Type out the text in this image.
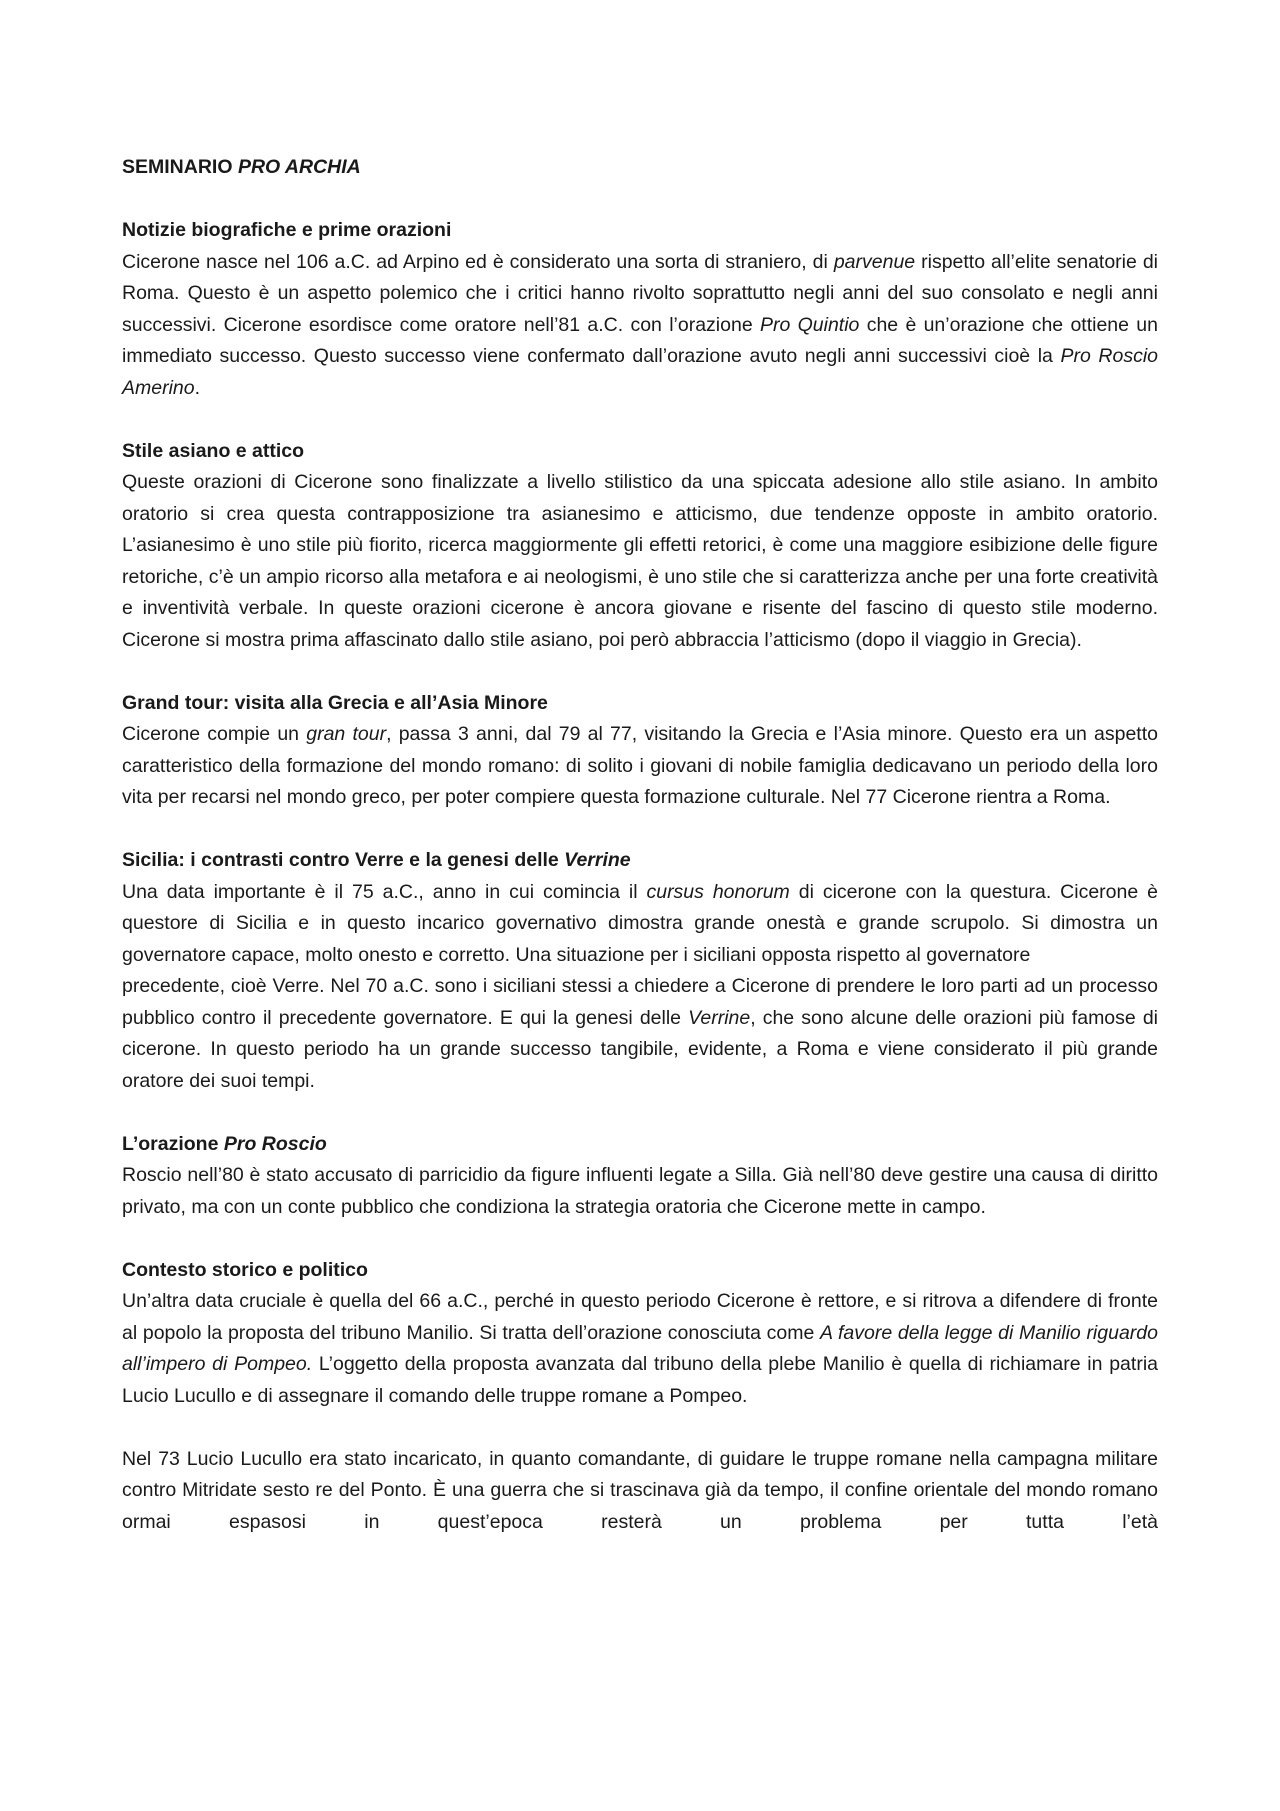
SEMINARIO PRO ARCHIA

Notizie biografiche e prime orazioni

Cicerone nasce nel 106 a.C. ad Arpino ed è considerato una sorta di straniero, di parvenue rispetto all’elite senatorie di Roma. Questo è un aspetto polemico che i critici hanno rivolto soprattutto negli anni del suo consolato e negli anni successivi. Cicerone esordisce come oratore nell’81 a.C. con l’orazione Pro Quintio che è un’orazione che ottiene un immediato successo. Questo successo viene confermato dall’orazione avuto negli anni successivi cioè la Pro Roscio Amerino.

Stile asiano e attico

Queste orazioni di Cicerone sono finalizzate a livello stilistico da una spiccata adesione allo stile asiano. In ambito oratorio si crea questa contrapposizione tra asianesimo e atticismo, due tendenze opposte in ambito oratorio. L’asianesimo è uno stile più fiorito, ricerca maggiormente gli effetti retorici, è come una maggiore esibizione delle figure retoriche, c’è un ampio ricorso alla metafora e ai neologismi, è uno stile che si caratterizza anche per una forte creatività e inventività verbale. In queste orazioni cicerone è ancora giovane e risente del fascino di questo stile moderno. Cicerone si mostra prima affascinato dallo stile asiano, poi però abbraccia l’atticismo (dopo il viaggio in Grecia).

Grand tour: visita alla Grecia e all’Asia Minore

Cicerone compie un gran tour, passa 3 anni, dal 79 al 77, visitando la Grecia e l’Asia minore. Questo era un aspetto caratteristico della formazione del mondo romano: di solito i giovani di nobile famiglia dedicavano un periodo della loro vita per recarsi nel mondo greco, per poter compiere questa formazione culturale. Nel 77 Cicerone rientra a Roma.

Sicilia: i contrasti contro Verre e la genesi delle Verrine

Una data importante è il 75 a.C., anno in cui comincia il cursus honorum di cicerone con la questura. Cicerone è questore di Sicilia e in questo incarico governativo dimostra grande onestà e grande scrupolo. Si dimostra un governatore capace, molto onesto e corretto. Una situazione per i siciliani opposta rispetto al governatore

precedente, cioè Verre. Nel 70 a.C. sono i siciliani stessi a chiedere a Cicerone di prendere le loro parti ad un processo pubblico contro il precedente governatore. E qui la genesi delle Verrine, che sono alcune delle orazioni più famose di cicerone. In questo periodo ha un grande successo tangibile, evidente, a Roma e viene considerato il più grande oratore dei suoi tempi.

L’orazione Pro Roscio

Roscio nell’80 è stato accusato di parricidio da figure influenti legate a Silla. Già nell’80 deve gestire una causa di diritto privato, ma con un conte pubblico che condiziona la strategia oratoria che Cicerone mette in campo.

Contesto storico e politico

Un’altra data cruciale è quella del 66 a.C., perché in questo periodo Cicerone è rettore, e si ritrova a difendere di fronte al popolo la proposta del tribuno Manilio. Si tratta dell’orazione conosciuta come A favore della legge di Manilio riguardo all’impero di Pompeo. L’oggetto della proposta avanzata dal tribuno della plebe Manilio è quella di richiamare in patria Lucio Lucullo e di assegnare il comando delle truppe romane a Pompeo.

Nel 73 Lucio Lucullo era stato incaricato, in quanto comandante, di guidare le truppe romane nella campagna militare contro Mitridate sesto re del Ponto. È una guerra che si trascinava già da tempo, il confine orientale del mondo romano ormai espasosi in quest’epoca resterà un problema per tutta l’età
